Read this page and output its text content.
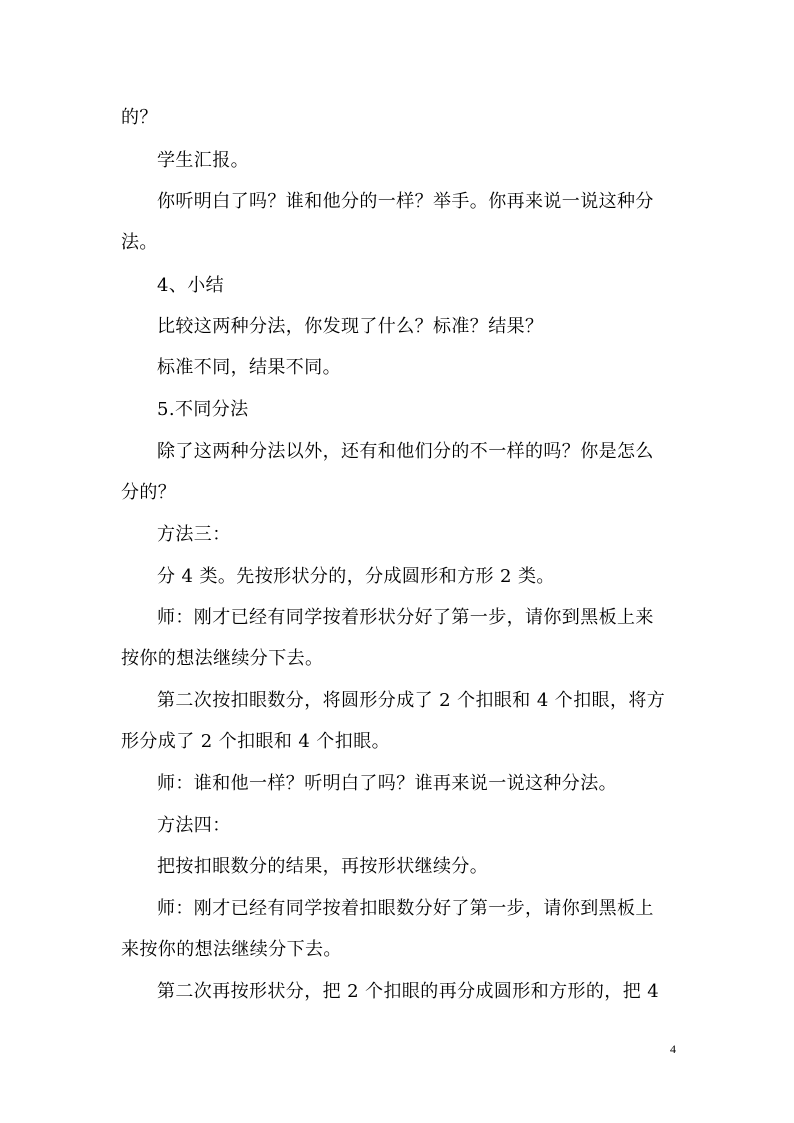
的？
学生汇报。
你听明白了吗？谁和他分的一样？举手。你再来说一说这种分
法。
4、小结
比较这两种分法，你发现了什么？标准？结果？
标准不同，结果不同。
5.不同分法
除了这两种分法以外，还有和他们分的不一样的吗？你是怎么
分的？
方法三：
分 4 类。先按形状分的，分成圆形和方形 2 类。
师：刚才已经有同学按着形状分好了第一步，请你到黑板上来
按你的想法继续分下去。
第二次按扣眼数分，将圆形分成了 2 个扣眼和 4 个扣眼，将方
形分成了 2 个扣眼和 4 个扣眼。
师：谁和他一样？听明白了吗？谁再来说一说这种分法。
方法四：
把按扣眼数分的结果，再按形状继续分。
师：刚才已经有同学按着扣眼数分好了第一步，请你到黑板上
来按你的想法继续分下去。
第二次再按形状分，把 2 个扣眼的再分成圆形和方形的，把 4
4
